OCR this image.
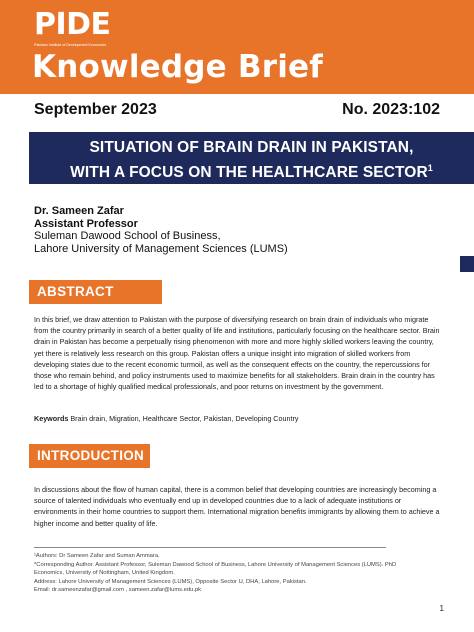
PIDE
Pakistan Institute of Development Economics
Knowledge Brief
September 2023	No. 2023:102
SITUATION OF BRAIN DRAIN IN PAKISTAN,
WITH A FOCUS ON THE HEALTHCARE SECTOR$^1$
Dr. Sameen Zafar
Assistant Professor
Suleman Dawood School of Business,
Lahore University of Management Sciences (LUMS)
ABSTRACT
In this brief, we draw attention to Pakistan with the purpose of diversifying research on brain drain of individuals who migrate from the country primarily in search of a better quality of life and institutions, particularly focusing on the healthcare sector. Brain drain in Pakistan has become a perpetually rising phenomenon with more and more highly skilled workers leaving the country, yet there is relatively less research on this group. Pakistan offers a unique insight into migration of skilled workers from developing states due to the recent economic turmoil, as well as the consequent effects on the country, the repercussions for those who remain behind, and policy instruments used to maximize benefits for all stakeholders. Brain drain in the country has led to a shortage of highly qualified medical professionals, and poor returns on investment by the government.
Keywords Brain drain, Migration, Healthcare Sector, Pakistan, Developing Country
INTRODUCTION
In discussions about the flow of human capital, there is a common belief that developing countries are increasingly becoming a source of talented individuals who eventually end up in developed countries due to a lack of adequate institutions or environments in their home countries to support them. International migration benefits immigrants by allowing them to achieve a higher income and better quality of life.
¹Authors: Dr Sameen Zafar and Suman Ammara.
*Corresponding Author. Assistant Professor, Suleman Dawood School of Business, Lahore University of Management Sciences (LUMS). PhD Economics, University of Nottingham, United Kingdom.
Address: Lahore University of Management Sciences (LUMS), Opposite Sector U, DHA, Lahore, Pakistan.
Email: dr.sameenzafar@gmail.com , sameen.zafar@lums.edu.pk
1
